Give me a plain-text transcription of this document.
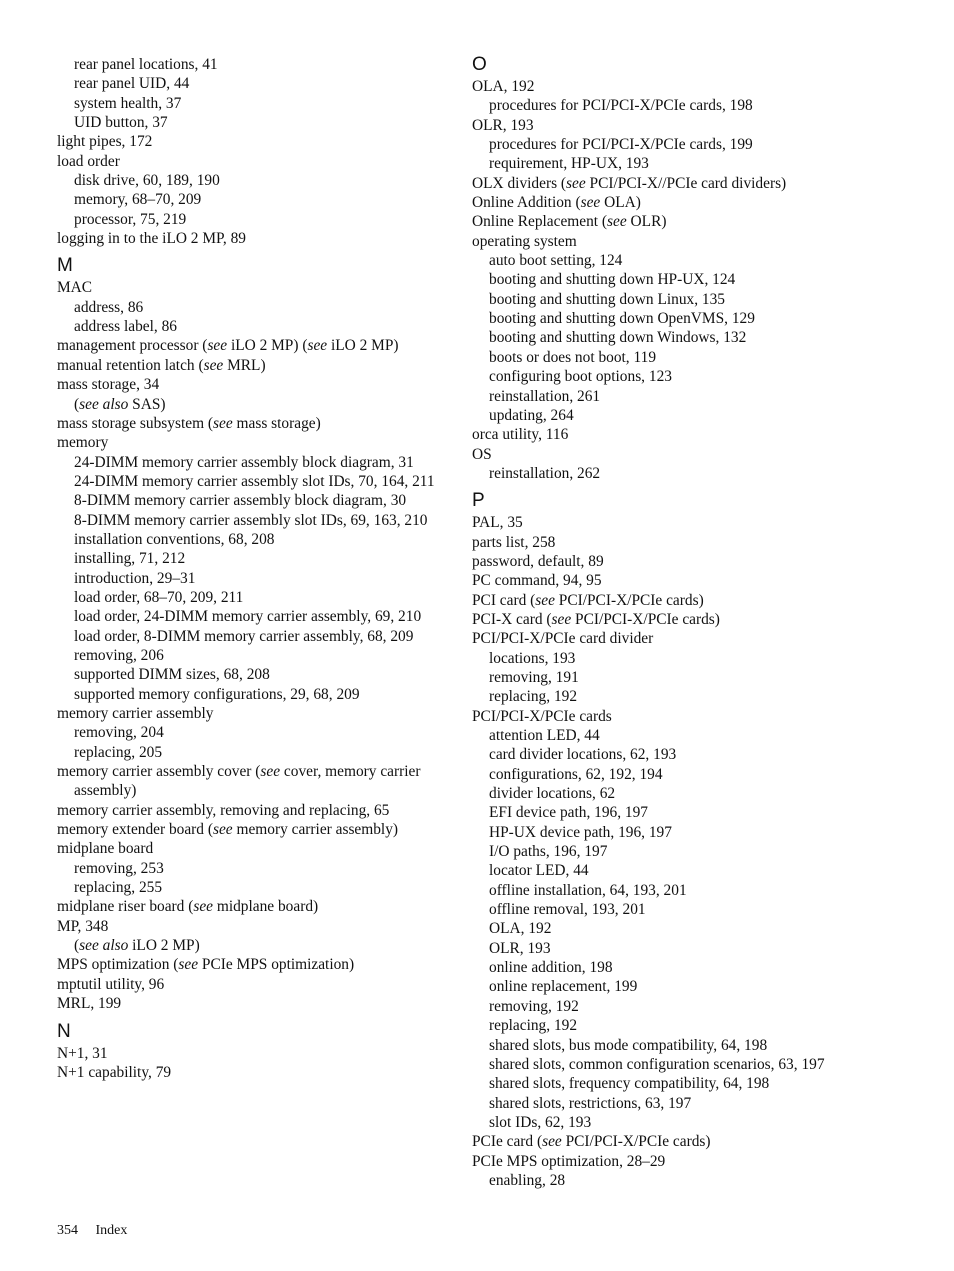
rear panel locations, 41
rear panel UID, 44
system health, 37
UID button, 37
light pipes, 172
load order
disk drive, 60, 189, 190
memory, 68–70, 209
processor, 75, 219
logging in to the iLO 2 MP, 89
M
MAC
address, 86
address label, 86
management processor (see iLO 2 MP) (see iLO 2 MP)
manual retention latch (see MRL)
mass storage, 34
(see also SAS)
mass storage subsystem (see mass storage)
memory
24-DIMM memory carrier assembly block diagram, 31
24-DIMM memory carrier assembly slot IDs, 70, 164, 211
8-DIMM memory carrier assembly block diagram, 30
8-DIMM memory carrier assembly slot IDs, 69, 163, 210
installation conventions, 68, 208
installing, 71, 212
introduction, 29–31
load order, 68–70, 209, 211
load order, 24-DIMM memory carrier assembly, 69, 210
load order, 8-DIMM memory carrier assembly, 68, 209
removing, 206
supported DIMM sizes, 68, 208
supported memory configurations, 29, 68, 209
memory carrier assembly
removing, 204
replacing, 205
memory carrier assembly cover (see cover, memory carrier assembly)
memory carrier assembly, removing and replacing, 65
memory extender board (see memory carrier assembly)
midplane board
removing, 253
replacing, 255
midplane riser board (see midplane board)
MP, 348
(see also iLO 2 MP)
MPS optimization (see PCIe MPS optimization)
mptutil utility, 96
MRL, 199
N
N+1, 31
N+1 capability, 79
O
OLA, 192
procedures for PCI/PCI-X/PCIe cards, 198
OLR, 193
procedures for PCI/PCI-X/PCIe cards, 199
requirement, HP-UX, 193
OLX dividers (see PCI/PCI-X//PCIe card dividers)
Online Addition (see OLA)
Online Replacement (see OLR)
operating system
auto boot setting, 124
booting and shutting down HP-UX, 124
booting and shutting down Linux, 135
booting and shutting down OpenVMS, 129
booting and shutting down Windows, 132
boots or does not boot, 119
configuring boot options, 123
reinstallation, 261
updating, 264
orca utility, 116
OS
reinstallation, 262
P
PAL, 35
parts list, 258
password, default, 89
PC command, 94, 95
PCI card (see PCI/PCI-X/PCIe cards)
PCI-X card (see PCI/PCI-X/PCIe cards)
PCI/PCI-X/PCIe card divider
locations, 193
removing, 191
replacing, 192
PCI/PCI-X/PCIe cards
attention LED, 44
card divider locations, 62, 193
configurations, 62, 192, 194
divider locations, 62
EFI device path, 196, 197
HP-UX device path, 196, 197
I/O paths, 196, 197
locator LED, 44
offline installation, 64, 193, 201
offline removal, 193, 201
OLA, 192
OLR, 193
online addition, 198
online replacement, 199
removing, 192
replacing, 192
shared slots, bus mode compatibility, 64, 198
shared slots, common configuration scenarios, 63, 197
shared slots, frequency compatibility, 64, 198
shared slots, restrictions, 63, 197
slot IDs, 62, 193
PCIe card (see PCI/PCI-X/PCIe cards)
PCIe MPS optimization, 28–29
enabling, 28
354 Index
